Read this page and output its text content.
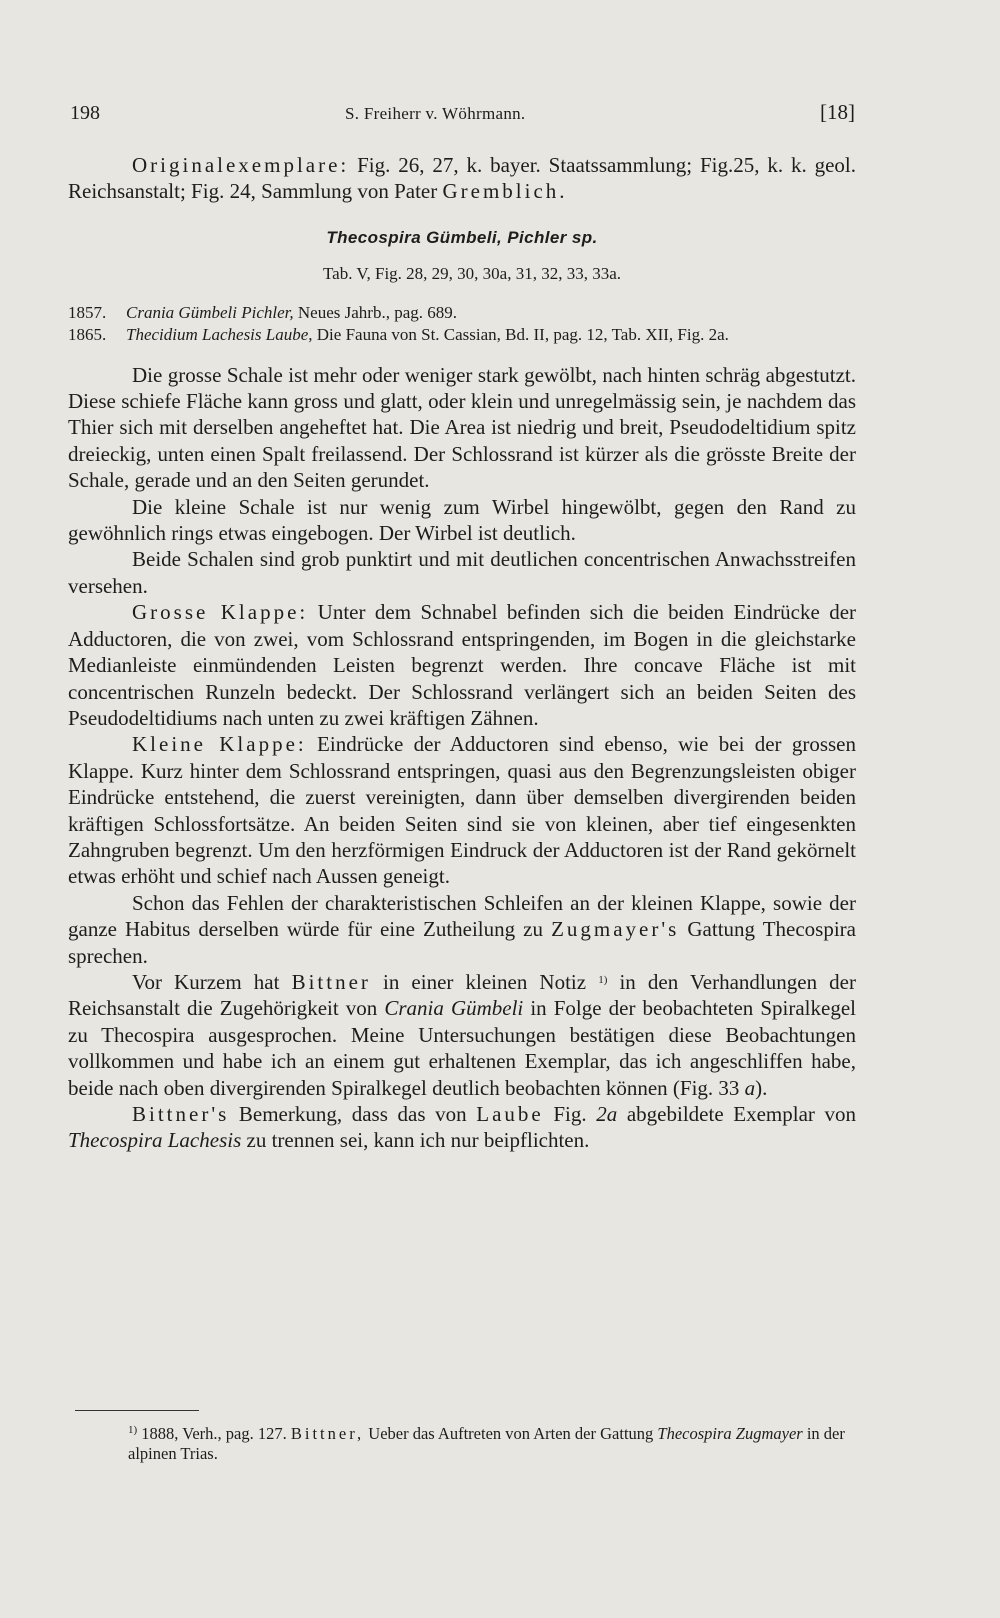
198	S. Freiherr v. Wöhrmann.	[18]

Originalexemplare: Fig. 26, 27, k. bayer. Staatssammlung; Fig.25, k. k. geol. Reichsanstalt; Fig. 24, Sammlung von Pater Gremblich.

Thecospira Gümbeli, Pichler sp.
Tab. V, Fig. 28, 29, 30, 30a, 31, 32, 33, 33a.

1857. Crania Gümbeli Pichler, Neues Jahrb., pag. 689.

1865. Thecidium Lachesis Laube, Die Fauna von St. Cassian, Bd. II, pag. 12, Tab. XII, Fig. 2a.

Die grosse Schale ist mehr oder weniger stark gewölbt, nach hinten schräg abgestutzt. Diese schiefe Fläche kann gross und glatt, oder klein und unregelmässig sein, je nachdem das Thier sich mit derselben angeheftet hat. Die Area ist niedrig und breit, Pseudodeltidium spitz dreieckig, unten einen Spalt freilassend. Der Schlossrand ist kürzer als die grösste Breite der Schale, gerade und an den Seiten gerundet.

Die kleine Schale ist nur wenig zum Wirbel hingewölbt, gegen den Rand zu gewöhnlich rings etwas eingebogen. Der Wirbel ist deutlich.

Beide Schalen sind grob punktirt und mit deutlichen concentrischen Anwachsstreifen versehen.

Grosse Klappe: Unter dem Schnabel befinden sich die beiden Eindrücke der Adductoren, die von zwei, vom Schlossrand entspringenden, im Bogen in die gleichstarke Medianleiste einmündenden Leisten begrenzt werden. Ihre concave Fläche ist mit concentrischen Runzeln bedeckt. Der Schlossrand verlängert sich an beiden Seiten des Pseudodeltidiums nach unten zu zwei kräftigen Zähnen.

Kleine Klappe: Eindrücke der Adductoren sind ebenso, wie bei der grossen Klappe. Kurz hinter dem Schlossrand entspringen, quasi aus den Begrenzungsleisten obiger Eindrücke entstehend, die zuerst vereinigten, dann über demselben divergirenden beiden kräftigen Schlossfortsätze. An beiden Seiten sind sie von kleinen, aber tief eingesenkten Zahngruben begrenzt. Um den herzförmigen Eindruck der Adductoren ist der Rand gekörnelt etwas erhöht und schief nach Aussen geneigt.

Schon das Fehlen der charakteristischen Schleifen an der kleinen Klappe, sowie der ganze Habitus derselben würde für eine Zutheilung zu Zugmayer's Gattung Thecospira sprechen.

Vor Kurzem hat Bittner in einer kleinen Notiz $^{1)}$ in den Verhandlungen der Reichsanstalt die Zugehörigkeit von Crania Gümbeli in Folge der beobachteten Spiralkegel zu Thecospira ausgesprochen. Meine Untersuchungen bestätigen diese Beobachtungen vollkommen und habe ich an einem gut erhaltenen Exemplar, das ich angeschliffen habe, beide nach oben divergirenden Spiralkegel deutlich beobachten können (Fig. 33 a).

Bittner's Bemerkung, dass das von Laube Fig. 2a abgebildete Exemplar von Thecospira Lachesis zu trennen sei, kann ich nur beipflichten.

$^{1)}$ 1888, Verh., pag. 127. Bittner, Ueber das Auftreten von Arten der Gattung Thecospira Zugmayer in der alpinen Trias.
